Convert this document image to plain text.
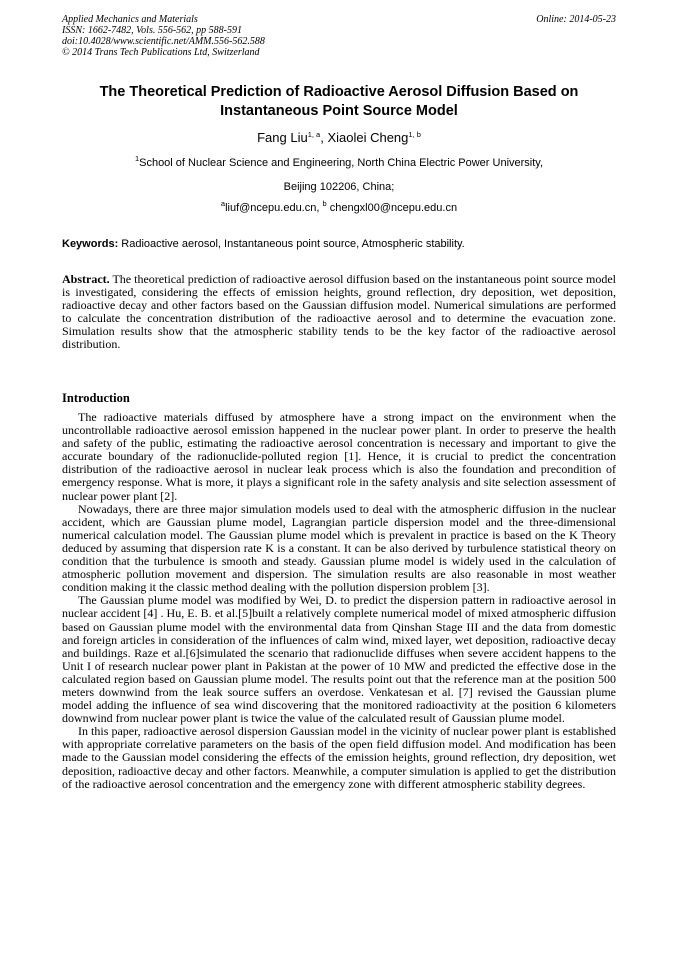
Applied Mechanics and Materials
ISSN: 1662-7482, Vols. 556-562, pp 588-591
doi:10.4028/www.scientific.net/AMM.556-562.588
© 2014 Trans Tech Publications Ltd, Switzerland
Online: 2014-05-23
The Theoretical Prediction of Radioactive Aerosol Diffusion Based on
Instantaneous Point Source Model
Fang Liu$^{1, a}$, Xiaolei Cheng$^{1, b}$
$^1$School of Nuclear Science and Engineering, North China Electric Power University,
Beijing 102206, China;
$^a$liuf@ncepu.edu.cn, $^b$ chengxl00@ncepu.edu.cn
Keywords: Radioactive aerosol, Instantaneous point source, Atmospheric stability.
Abstract. The theoretical prediction of radioactive aerosol diffusion based on the instantaneous point source model is investigated, considering the effects of emission heights, ground reflection, dry deposition, wet deposition, radioactive decay and other factors based on the Gaussian diffusion model. Numerical simulations are performed to calculate the concentration distribution of the radioactive aerosol and to determine the evacuation zone. Simulation results show that the atmospheric stability tends to be the key factor of the radioactive aerosol distribution.
Introduction

The radioactive materials diffused by atmosphere have a strong impact on the environment when the uncontrollable radioactive aerosol emission happened in the nuclear power plant. In order to preserve the health and safety of the public, estimating the radioactive aerosol concentration is necessary and important to give the accurate boundary of the radionuclide-polluted region [1]. Hence, it is crucial to predict the concentration distribution of the radioactive aerosol in nuclear leak process which is also the foundation and precondition of emergency response. What is more, it plays a significant role in the safety analysis and site selection assessment of nuclear power plant [2].

Nowadays, there are three major simulation models used to deal with the atmospheric diffusion in the nuclear accident, which are Gaussian plume model, Lagrangian particle dispersion model and the three-dimensional numerical calculation model. The Gaussian plume model which is prevalent in practice is based on the K Theory deduced by assuming that dispersion rate K is a constant. It can be also derived by turbulence statistical theory on condition that the turbulence is smooth and steady. Gaussian plume model is widely used in the calculation of atmospheric pollution movement and dispersion. The simulation results are also reasonable in most weather condition making it the classic method dealing with the pollution dispersion problem [3].

The Gaussian plume model was modified by Wei, D. to predict the dispersion pattern in radioactive aerosol in nuclear accident [4] . Hu, E. B. et al.[5]built a relatively complete numerical model of mixed atmospheric diffusion based on Gaussian plume model with the environmental data from Qinshan Stage III and the data from domestic and foreign articles in consideration of the influences of calm wind, mixed layer, wet deposition, radioactive decay and buildings. Raze et al.[6]simulated the scenario that radionuclide diffuses when severe accident happens to the Unit I of research nuclear power plant in Pakistan at the power of 10 MW and predicted the effective dose in the calculated region based on Gaussian plume model. The results point out that the reference man at the position 500 meters downwind from the leak source suffers an overdose. Venkatesan et al. [7] revised the Gaussian plume model adding the influence of sea wind discovering that the monitored radioactivity at the position 6 kilometers downwind from nuclear power plant is twice the value of the calculated result of Gaussian plume model.

In this paper, radioactive aerosol dispersion Gaussian model in the vicinity of nuclear power plant is established with appropriate correlative parameters on the basis of the open field diffusion model. And modification has been made to the Gaussian model considering the effects of the emission heights, ground reflection, dry deposition, wet deposition, radioactive decay and other factors. Meanwhile, a computer simulation is applied to get the distribution of the radioactive aerosol concentration and the emergency zone with different atmospheric stability degrees.
